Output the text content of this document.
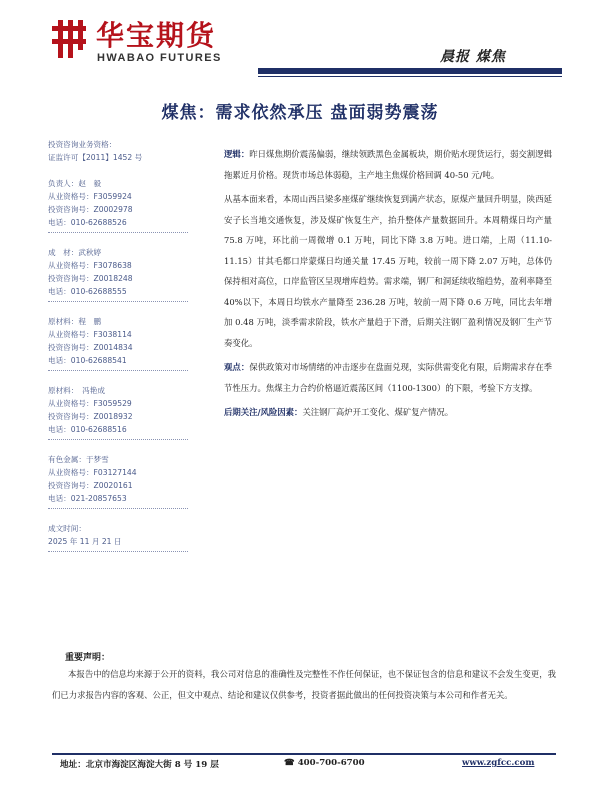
华宝期货
HWABAO FUTURES	晨报 煤焦
煤焦：需求依然承压 盘面弱势震荡
投资咨询业务资格：
证监许可【2011】1452 号
负责人：赵　毅
从业资格号：F3059924
投资咨询号：Z0002978
电话：010-62688526
成　材：武秋婷
从业资格号：F3078638
投资咨询号：Z0018248
电话：010-62688555
原材料：程　鹏
从业资格号：F3038114
投资咨询号：Z0014834
电话：010-62688541
原材料：　冯艳成
从业资格号：F3059529
投资咨询号：Z0018932
电话：010-62688516
有色金属：于梦雪
从业资格号：F03127144
投资咨询号：Z0020161
电话：021-20857653
成文时间：
2025 年 11 月 21 日

逻辑：昨日煤焦期价震荡偏弱，继续领跌黑色金属板块，期价贴水现货运行，弱交割逻辑拖累近月价格。现货市场总体弱稳，主产地主焦煤价格回调 40-50 元/吨。

从基本面来看，本周山西吕梁多座煤矿继续恢复到满产状态，原煤产量回升明显，陕西延安子长当地交通恢复，涉及煤矿恢复生产，抬升整体产量数据回升。本周精煤日均产量 75.8 万吨，环比前一周微增 0.1 万吨，同比下降 3.8 万吨。进口端，上周（11.10-11.15）甘其毛都口岸蒙煤日均通关量 17.45 万吨，较前一周下降 2.07 万吨，总体仍保持相对高位，口岸监管区呈现增库趋势。需求端，钢厂和洞延续收缩趋势，盈利率降至 40%以下，本周日均铁水产量降至 236.28 万吨，较前一周下降 0.6 万吨，同比去年增加 0.48 万吨，淡季需求阶段，铁水产量趋于下滑，后期关注钢厂盈利情况及钢厂生产节奏变化。

观点：保供政策对市场情绪的冲击逐步在盘面兑现，实际供需变化有限，后期需求存在季节性压力。焦煤主力合约价格逼近震荡区间（1100-1300）的下限，考验下方支撑。

后期关注/风险因素：关注钢厂高炉开工变化、煤矿复产情况。

重要声明：
本报告中的信息均来源于公开的资料，我公司对信息的准确性及完整性不作任何保证，也不保证包含的信息和建议不会发生变更，我们已力求报告内容的客观、公正，但文中观点、结论和建议仅供参考，投资者据此做出的任何投资决策与本公司和作者无关。
地址：北京市海淀区海淀大街 8 号 19 层	☎ 400-700-6700	www.zgfcc.com
